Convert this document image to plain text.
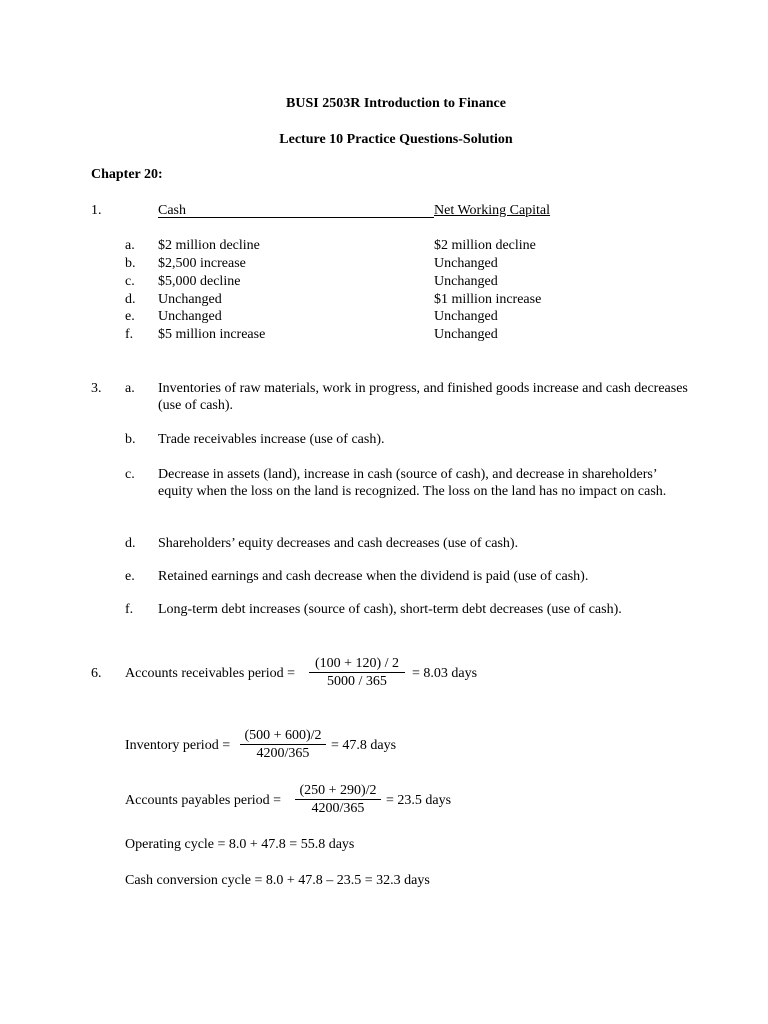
BUSI 2503R Introduction to Finance
Lecture 10 Practice Questions-Solution
Chapter 20:
1.	Cash	Net Working Capital
a. $2 million decline	$2 million decline
b. $2,500 increase	Unchanged
c. $5,000 decline	Unchanged
d. Unchanged	$1 million increase
e. Unchanged	Unchanged
f. $5 million increase	Unchanged
3. a. Inventories of raw materials, work in progress, and finished goods increase and cash decreases (use of cash).
b. Trade receivables increase (use of cash).
c. Decrease in assets (land), increase in cash (source of cash), and decrease in shareholders’ equity when the loss on the land is recognized. The loss on the land has no impact on cash.
d. Shareholders’ equity decreases and cash decreases (use of cash).
e. Retained earnings and cash decrease when the dividend is paid (use of cash).
f. Long-term debt increases (source of cash), short-term debt decreases (use of cash).
6. Accounts receivables period =
(100 + 120) / 2
5000 / 365
= 8.03 days
Inventory period =
(500 + 600)/2
4200/365
= 47.8 days
Accounts payables period =
(250 + 290)/2
4200/365
= 23.5 days
Operating cycle = 8.0 + 47.8 = 55.8 days
Cash conversion cycle = 8.0 + 47.8 – 23.5 = 32.3 days
